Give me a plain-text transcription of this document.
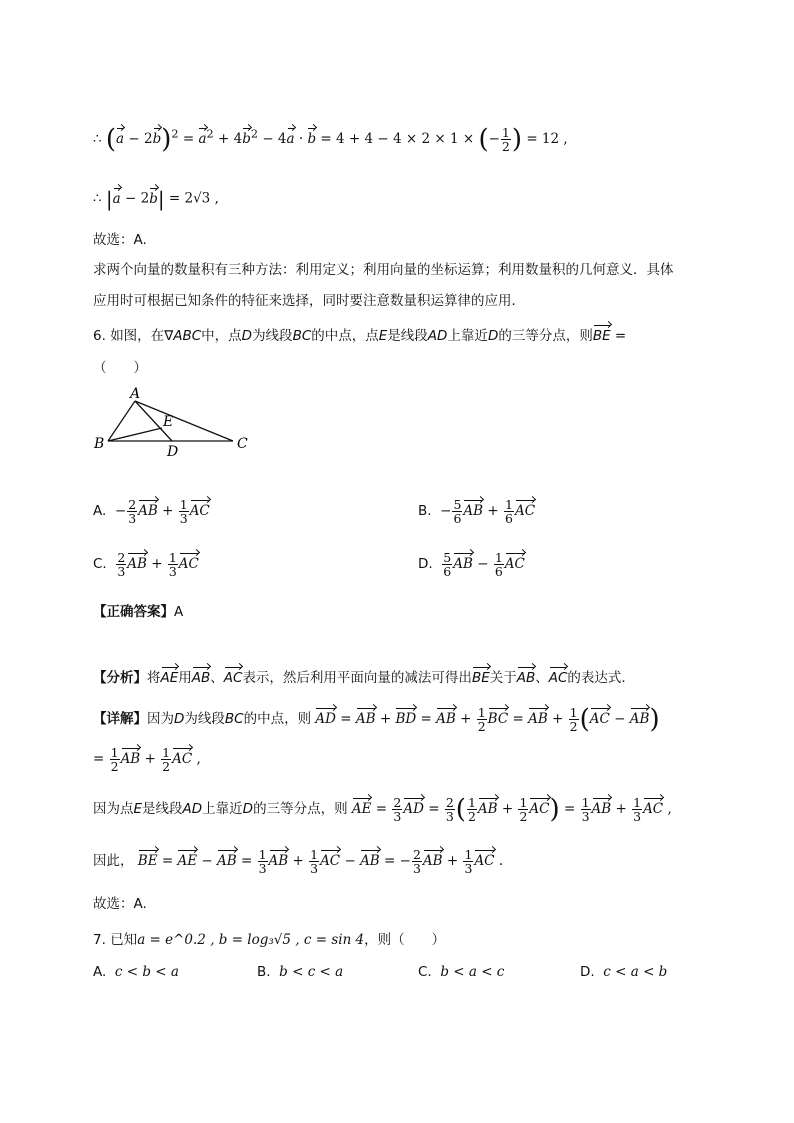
∴ $(a - 2b)^2 = a^2 + 4b^2 - 4a \cdot b = 4 + 4 - 4 \times 2 \times 1$ × (− $\frac{1}{2}$ ) = 12 ,
∴ |a − 2b| = 2√3 ,
故选：A.
求两个向量的数量积有三种方法：利用定义；利用向量的坐标运算；利用数量积的几何意义．具体
应用时可根据已知条件的特征来选择，同时要注意数量积运算律的应用．
6. 如图，在∇ABC中，点D为线段BC的中点，点E是线段AD上靠近D的三等分点，则BE =
（　　）
A
B	C
D
E
A. − $\frac{2}{3}$ AB + $\frac{1}{3}$ AC	B. − $\frac{5}{6}$ AB + $\frac{1}{6}$ AC
C. $\frac{2}{3}$ AB + $\frac{1}{3}$ AC	D. $\frac{5}{6}$ AB − $\frac{1}{6}$ AC
【正确答案】A
【分析】将AE用AB、AC表示，然后利用平面向量的减法可得出BE关于AB、AC的表达式.
【详解】因为D为线段BC的中点，则 AD = AB + BD = AB + $\frac{1}{2}$ BC = AB + $\frac{1}{2} (AC - AB)$
= $\frac{1}{2}$ AB + $\frac{1}{2}$ AC ,
因为点E是线段AD上靠近D的三等分点，则 AE = $\frac{2}{3}$ AD = $\frac{2}{3}$ ( $\frac{1}{2}$ AB + $\frac{1}{2} AC) = \frac{1}{3}$ AB + $\frac{1}{3}$ AC ,
因此， BE = AE − AB = $\frac{1}{3}$ AB + $\frac{1}{3}$ AC − AB = − $\frac{2}{3}$ AB + $\frac{1}{3}$ AC .
故选：A.
7. 已知a = e^0.2 , b = log₃√5 , c = sin 4，则（　　）
A. c < b < a	B. b < c < a	C. b < a < c	D. c < a < b
